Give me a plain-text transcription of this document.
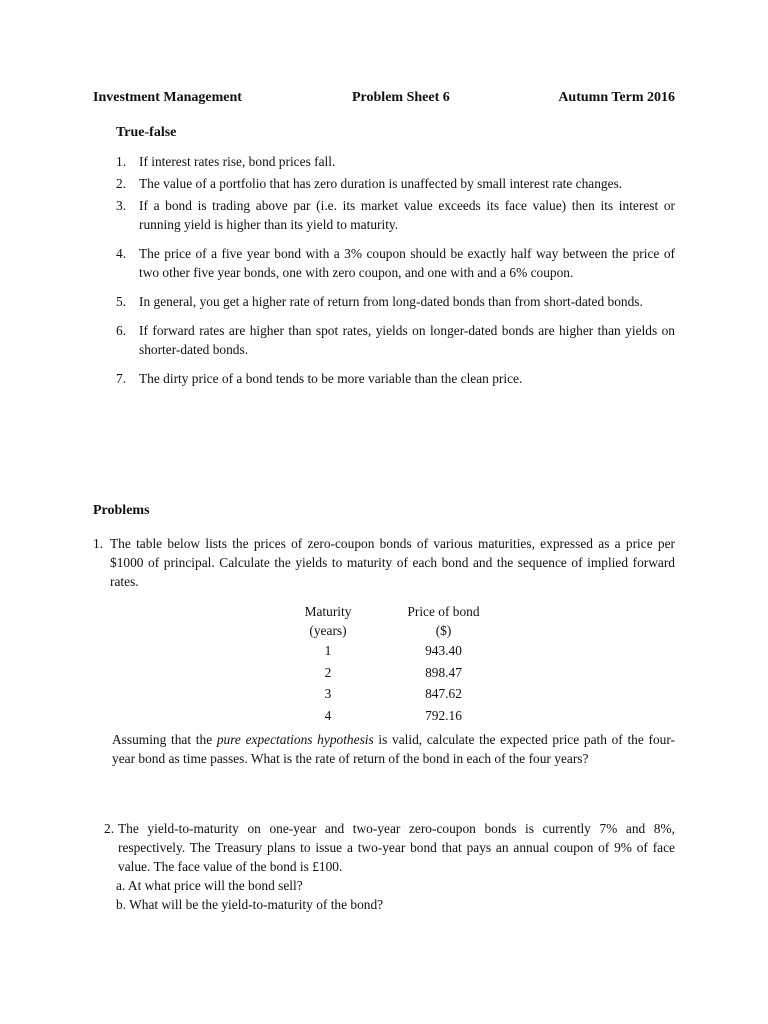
Investment Management	Problem Sheet 6	Autumn Term 2016
True-false
1. If interest rates rise, bond prices fall.
2. The value of a portfolio that has zero duration is unaffected by small interest rate changes.
3. If a bond is trading above par (i.e. its market value exceeds its face value) then its interest or running yield is higher than its yield to maturity.
4. The price of a five year bond with a 3% coupon should be exactly half way between the price of two other five year bonds, one with zero coupon, and one with and a 6% coupon.
5. In general, you get a higher rate of return from long-dated bonds than from short-dated bonds.
6. If forward rates are higher than spot rates, yields on longer-dated bonds are higher than yields on shorter-dated bonds.
7. The dirty price of a bond tends to be more variable than the clean price.
Problems
1. The table below lists the prices of zero-coupon bonds of various maturities, expressed as a price per $1000 of principal. Calculate the yields to maturity of each bond and the sequence of implied forward rates.
Maturity	Price of bond
(years)	($)
1	943.40
2	898.47
3	847.62
4	792.16
Assuming that the pure expectations hypothesis is valid, calculate the expected price path of the four-year bond as time passes. What is the rate of return of the bond in each of the four years?
2. The yield-to-maturity on one-year and two-year zero-coupon bonds is currently 7% and 8%, respectively. The Treasury plans to issue a two-year bond that pays an annual coupon of 9% of face value. The face value of the bond is £100.
a. At what price will the bond sell?
b. What will be the yield-to-maturity of the bond?
